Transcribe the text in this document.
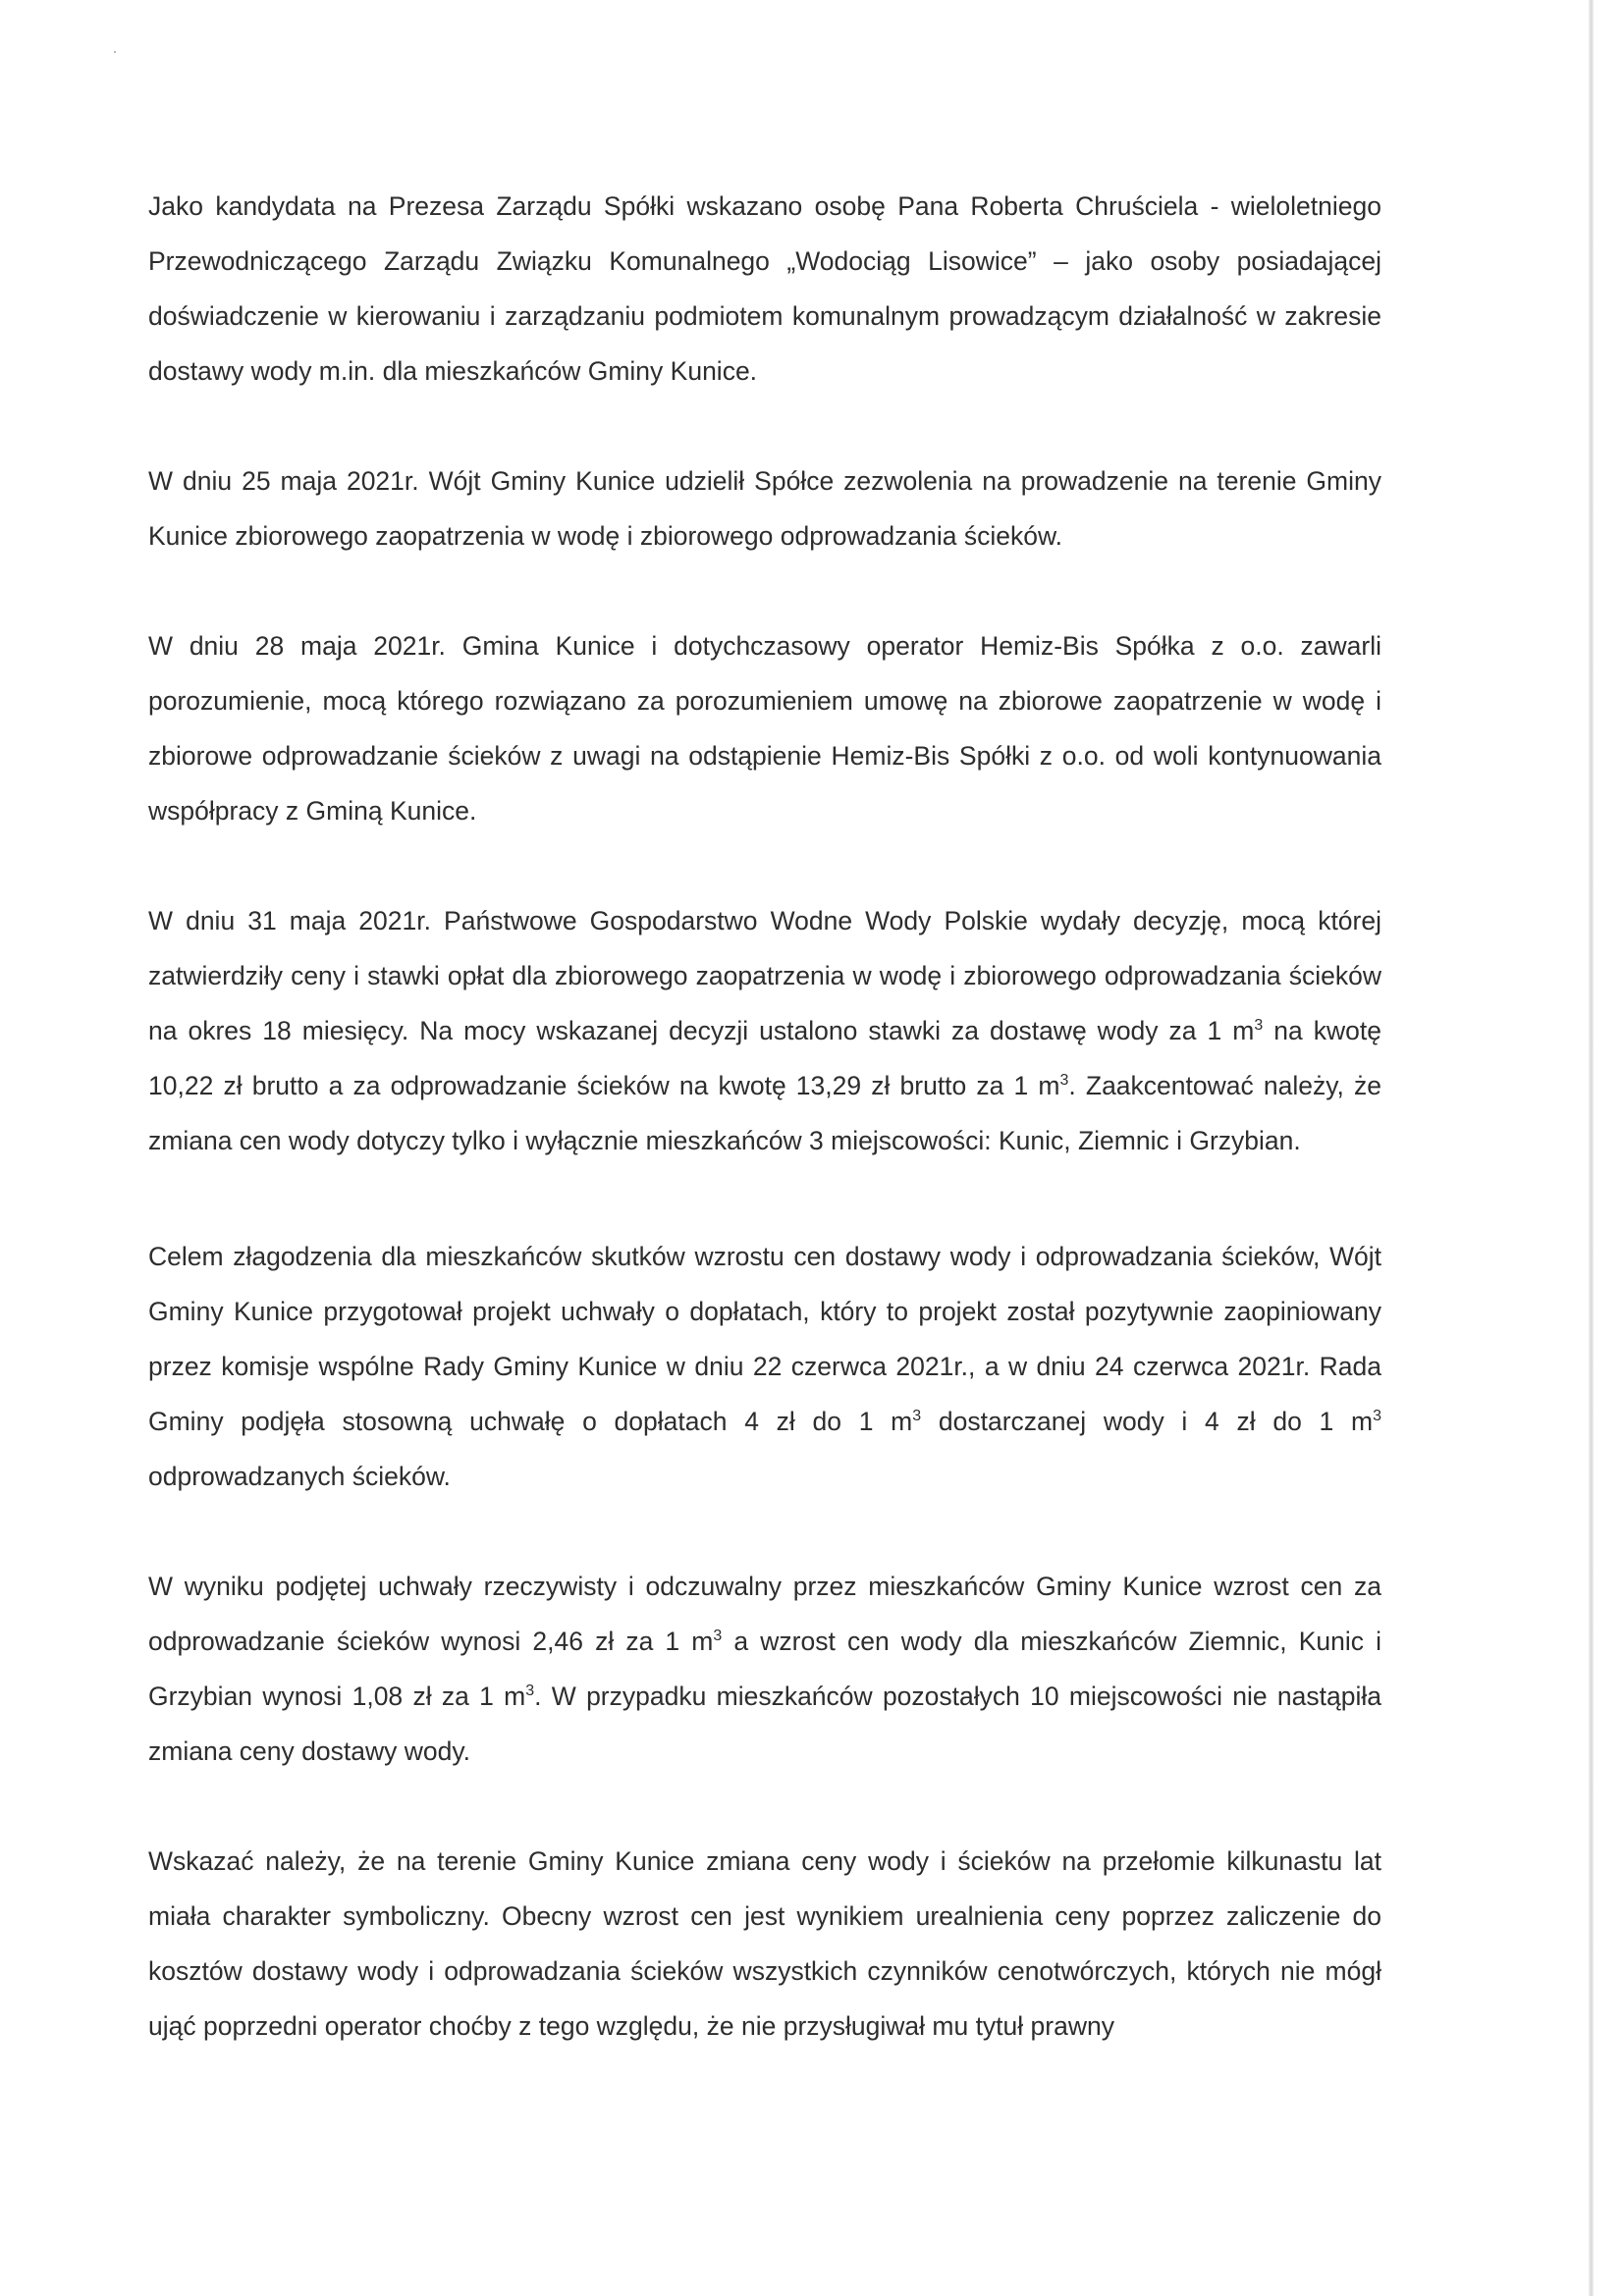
Jako kandydata na Prezesa Zarządu Spółki wskazano osobę Pana Roberta Chruściela - wieloletniego Przewodniczącego Zarządu Związku Komunalnego „Wodociąg Lisowice” – jako osoby posiadającej doświadczenie w kierowaniu i zarządzaniu podmiotem komunalnym prowadzącym działalność w zakresie dostawy wody m.in. dla mieszkańców Gminy Kunice.

W dniu 25 maja 2021r. Wójt Gminy Kunice udzielił Spółce zezwolenia na prowadzenie na terenie Gminy Kunice zbiorowego zaopatrzenia w wodę i zbiorowego odprowadzania ścieków.

W dniu 28 maja 2021r. Gmina Kunice i dotychczasowy operator Hemiz-Bis Spółka z o.o. zawarli porozumienie, mocą którego rozwiązano za porozumieniem umowę na zbiorowe zaopatrzenie w wodę i zbiorowe odprowadzanie ścieków z uwagi na odstąpienie Hemiz-Bis Spółki z o.o. od woli kontynuowania współpracy z Gminą Kunice.

W dniu 31 maja 2021r. Państwowe Gospodarstwo Wodne Wody Polskie wydały decyzję, mocą której zatwierdziły ceny i stawki opłat dla zbiorowego zaopatrzenia w wodę i zbiorowego odprowadzania ścieków na okres 18 miesięcy. Na mocy wskazanej decyzji ustalono stawki za dostawę wody za 1 $m^3$ na kwotę 10,22 zł brutto a za odprowadzanie ścieków na kwotę 13,29 zł brutto za 1 $m^3$. Zaakcentować należy, że zmiana cen wody dotyczy tylko i wyłącznie mieszkańców 3 miejscowości: Kunic, Ziemnic i Grzybian.

Celem złagodzenia dla mieszkańców skutków wzrostu cen dostawy wody i odprowadzania ścieków, Wójt Gminy Kunice przygotował projekt uchwały o dopłatach, który to projekt został pozytywnie zaopiniowany przez komisje wspólne Rady Gminy Kunice w dniu 22 czerwca 2021r., a w dniu 24 czerwca 2021r. Rada Gminy podjęła stosowną uchwałę o dopłatach 4 zł do 1 $m^3$ dostarczanej wody i 4 zł do 1 $m^3$ odprowadzanych ścieków.

W wyniku podjętej uchwały rzeczywisty i odczuwalny przez mieszkańców Gminy Kunice wzrost cen za odprowadzanie ścieków wynosi 2,46 zł za 1 $m^3$ a wzrost cen wody dla mieszkańców Ziemnic, Kunic i Grzybian wynosi 1,08 zł za 1 $m^3$. W przypadku mieszkańców pozostałych 10 miejscowości nie nastąpiła zmiana ceny dostawy wody.

Wskazać należy, że na terenie Gminy Kunice zmiana ceny wody i ścieków na przełomie kilkunastu lat miała charakter symboliczny. Obecny wzrost cen jest wynikiem urealnienia ceny poprzez zaliczenie do kosztów dostawy wody i odprowadzania ścieków wszystkich czynników cenotwórczych, których nie mógł ująć poprzedni operator choćby z tego względu, że nie przysługiwał mu tytuł prawny
